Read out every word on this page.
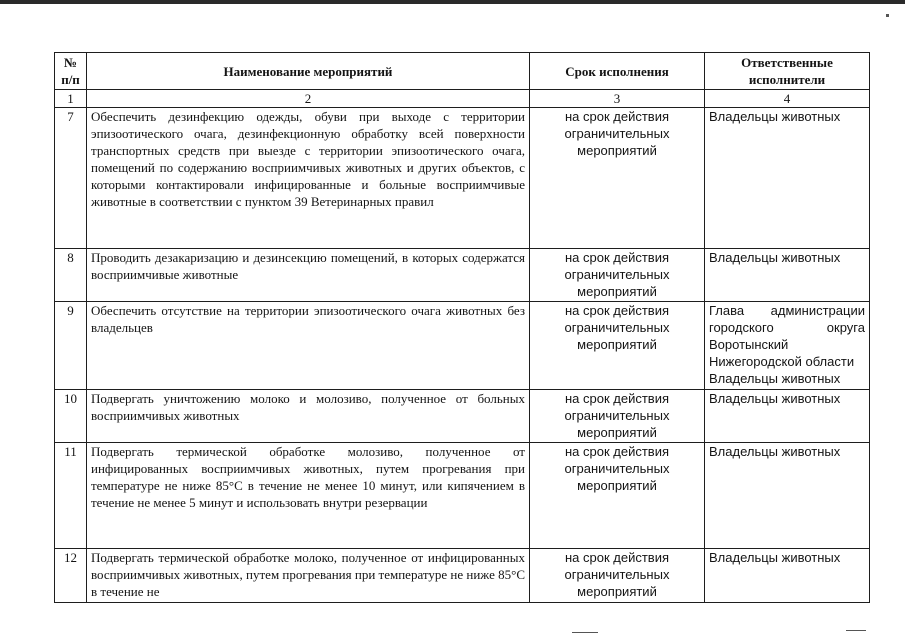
№
п/п	Наименование мероприятий	Срок исполнения	Ответственные
исполнители

1	2	3	4
7	Обеспечить дезинфекцию одежды, обуви при выходе с территории эпизоотического очага, дезинфекционную обработку всей поверхности транспортных средств при выезде с территории эпизоотического очага, помещений по содержанию восприимчивых животных и других объектов, с которыми контактировали инфицированные и больные восприимчивые животные в соответствии с пунктом 39 Ветеринарных правил	на срок действия ограничительных мероприятий	Владельцы животных
8	Проводить дезакаризацию и дезинсекцию помещений, в которых содержатся восприимчивые животные	на срок действия ограничительных мероприятий	Владельцы животных
9	Обеспечить отсутствие на территории эпизоотического очага животных без владельцев	на срок действия ограничительных мероприятий	Глава администрации
городского округа
Воротынский
Нижегородской области
Владельцы животных

10	Подвергать уничтожению молоко и молозиво, полученное от больных восприимчивых животных	на срок действия ограничительных мероприятий	Владельцы животных
11	Подвергать термической обработке молозиво, полученное от инфицированных восприимчивых животных, путем прогревания при температуре не ниже 85°С в течение не менее 10 минут, или кипячением в течение не менее 5 минут и использовать внутри резервации	на срок действия ограничительных мероприятий	Владельцы животных
12	Подвергать термической обработке молоко, полученное от инфицированных восприимчивых животных, путем прогревания при температуре не ниже 85°С в течение не	на срок действия ограничительных мероприятий	Владельцы животных
